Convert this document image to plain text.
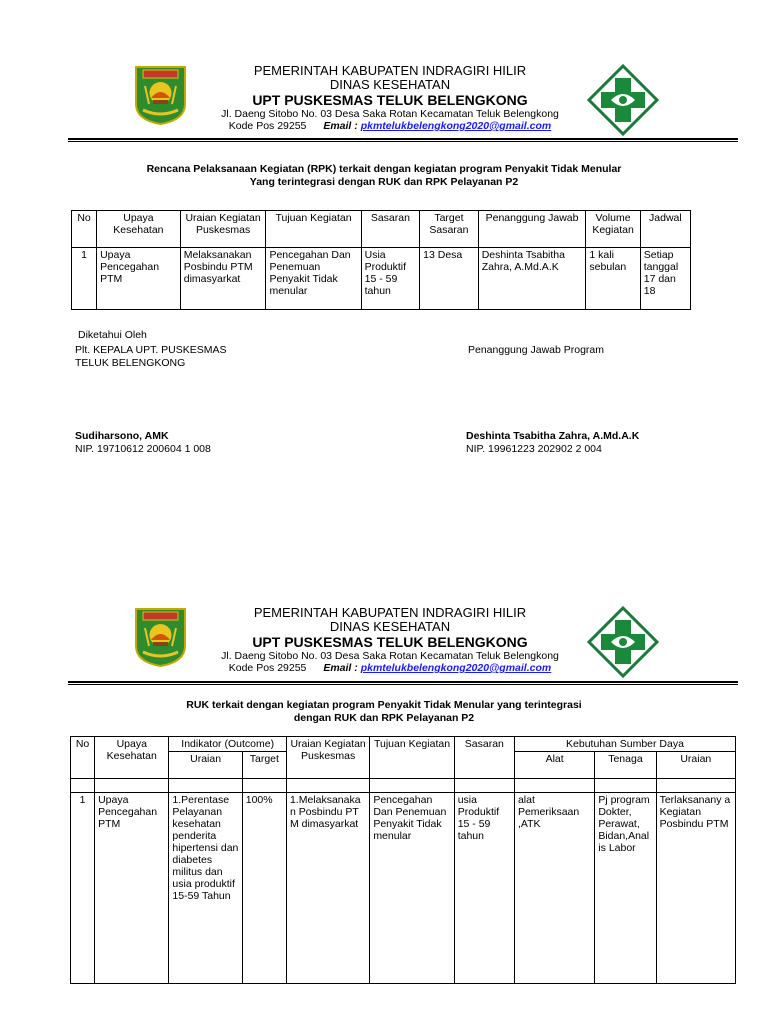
PEMERINTAH KABUPATEN INDRAGIRI HILIR
DINAS KESEHATAN
UPT PUSKESMAS TELUK BELENGKONG
Jl. Daeng Sitobo No. 03 Desa Saka Rotan Kecamatan Teluk Belengkong
Kode Pos 29255 Email : pkmtelukbelengkong2020@gmail.com
Rencana Pelaksanaan Kegiatan (RPK) terkait dengan kegiatan program Penyakit Tidak Menular
Yang terintegrasi dengan RUK dan RPK Pelayanan P2
No	Upaya Kesehatan	Uraian Kegiatan Puskesmas	Tujuan Kegiatan	Sasaran	Target Sasaran	Penanggung Jawab	Volume Kegiatan	Jadwal
1	Upaya Pencegahan PTM	Melaksanakan Posbindu PTM dimasyarkat	Pencegahan Dan Penemuan Penyakit Tidak menular	Usia Produktif 15 - 59 tahun	13 Desa	Deshinta Tsabitha Zahra, A.Md.A.K	1 kali sebulan	Setiap tanggal 17 dan 18
Diketahui Oleh
Plt. KEPALA UPT. PUSKESMAS
TELUK BELENGKONG
Penanggung Jawab Program
Sudiharsono, AMK
NIP. 19710612 200604 1 008
Deshinta Tsabitha Zahra, A.Md.A.K
NIP. 19961223 202902 2 004
PEMERINTAH KABUPATEN INDRAGIRI HILIR
DINAS KESEHATAN
UPT PUSKESMAS TELUK BELENGKONG
Jl. Daeng Sitobo No. 03 Desa Saka Rotan Kecamatan Teluk Belengkong
Kode Pos 29255 Email : pkmtelukbelengkong2020@gmail.com
RUK terkait dengan kegiatan program Penyakit Tidak Menular yang terintegrasi
dengan RUK dan RPK Pelayanan P2
No	Upaya Kesehatan	Indikator (Outcome)		Uraian Kegiatan Puskesmas	Tujuan Kegiatan	Sasaran	Kebutuhan Sumber Daya		
		Uraian	Target				Alat	Tenaga	Uraian

1	Upaya Pencegahan PTM	1.Perentase Pelayanan kesehatan penderita hipertensi dan diabetes militus dan usia produktif 15-59 Tahun	100%	1.Melaksanakan Posbindu PTM dimasyarkat	Pencegahan Dan Penemuan Penyakit Tidak menular	usia Produktif 15 - 59 tahun	alat Pemeriksaan ,ATK	Pj program Dokter, Perawat, Bidan,Anal is Labor	Terlaksanany a Kegiatan Posbindu PTM
